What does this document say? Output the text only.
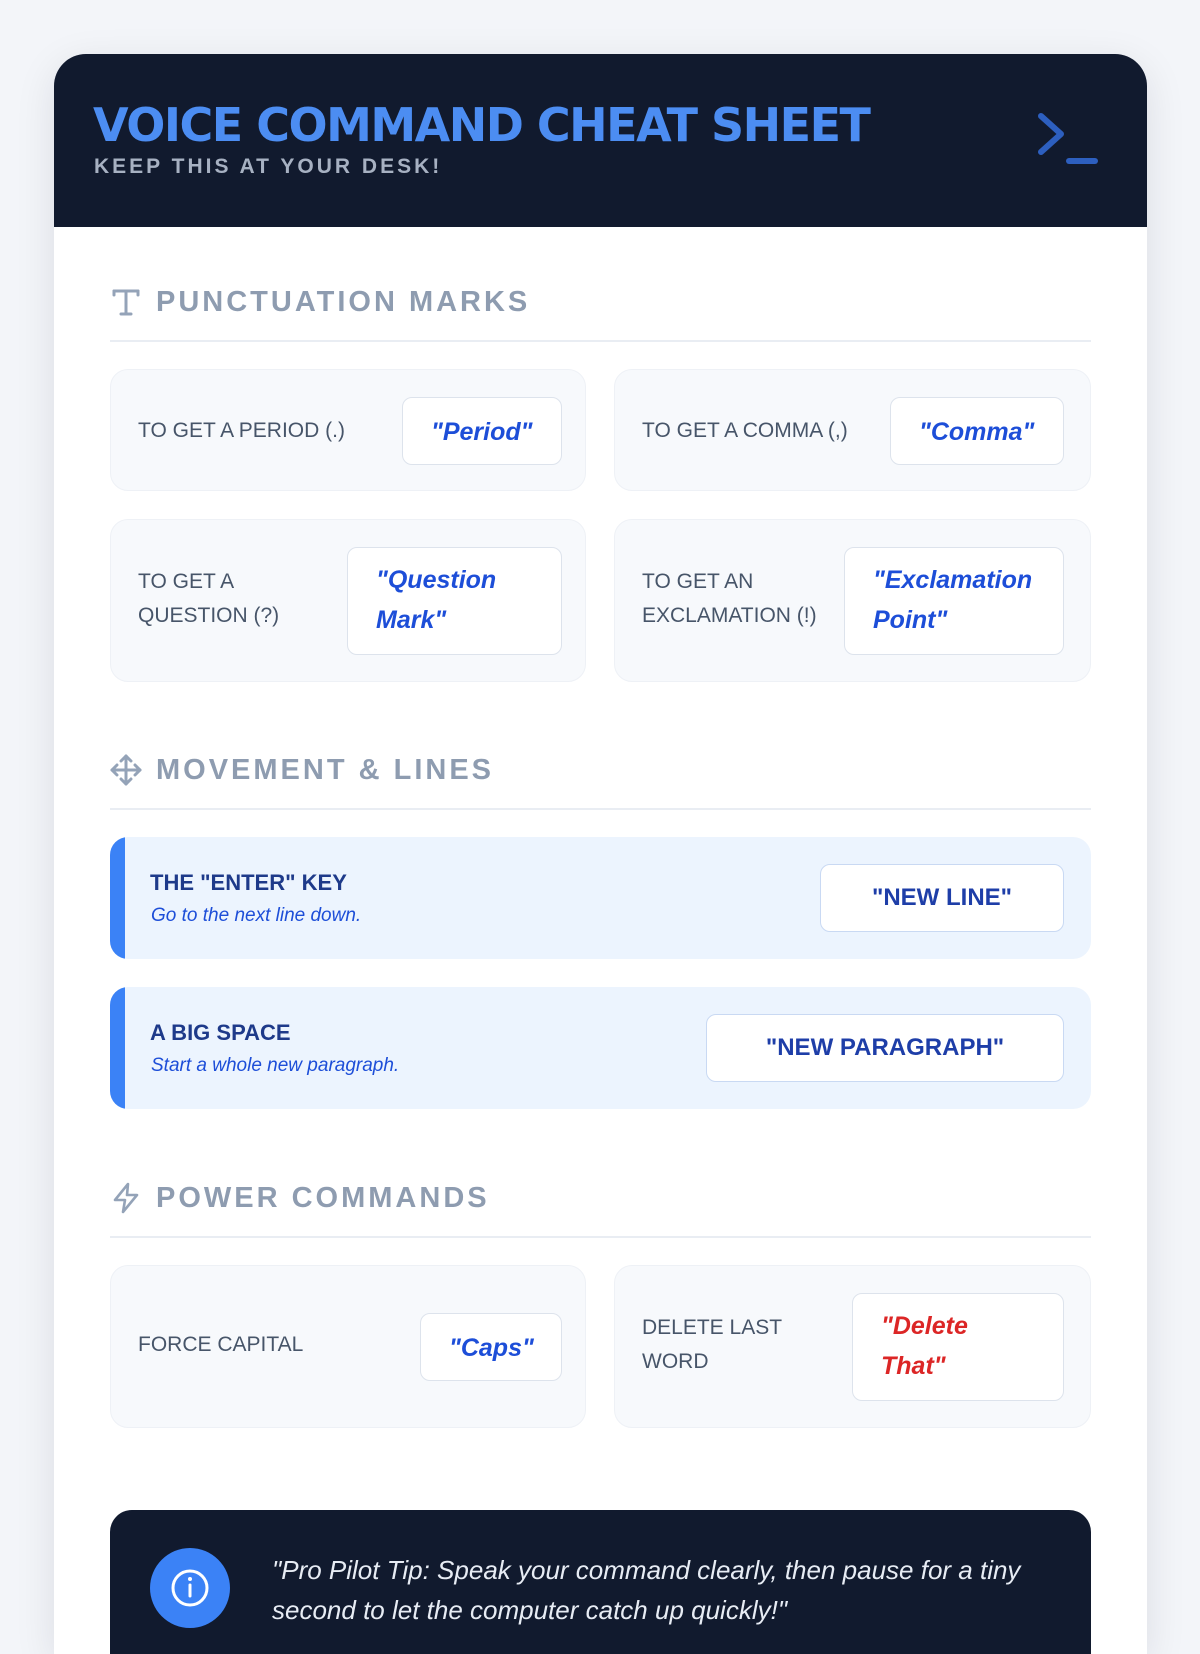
VOICE COMMAND CHEAT SHEET
KEEP THIS AT YOUR DESK!
PUNCTUATION MARKS
TO GET A PERIOD (.)	"Period"	TO GET A COMMA (,)	"Comma"
TO GET A
QUESTION (?)
"Question
Mark"
TO GET AN
EXCLAMATION (!)
"Exclamation
Point"
MOVEMENT & LINES
THE "ENTER" KEY
Go to the next line down.
"NEW LINE"
A BIG SPACE
Start a whole new paragraph.
"NEW PARAGRAPH"
POWER COMMANDS
FORCE CAPITAL	"Caps"
DELETE LAST
WORD
"Delete
That"
"Pro Pilot Tip: Speak your command clearly, then pause for a tiny second to let the computer catch up quickly!"
